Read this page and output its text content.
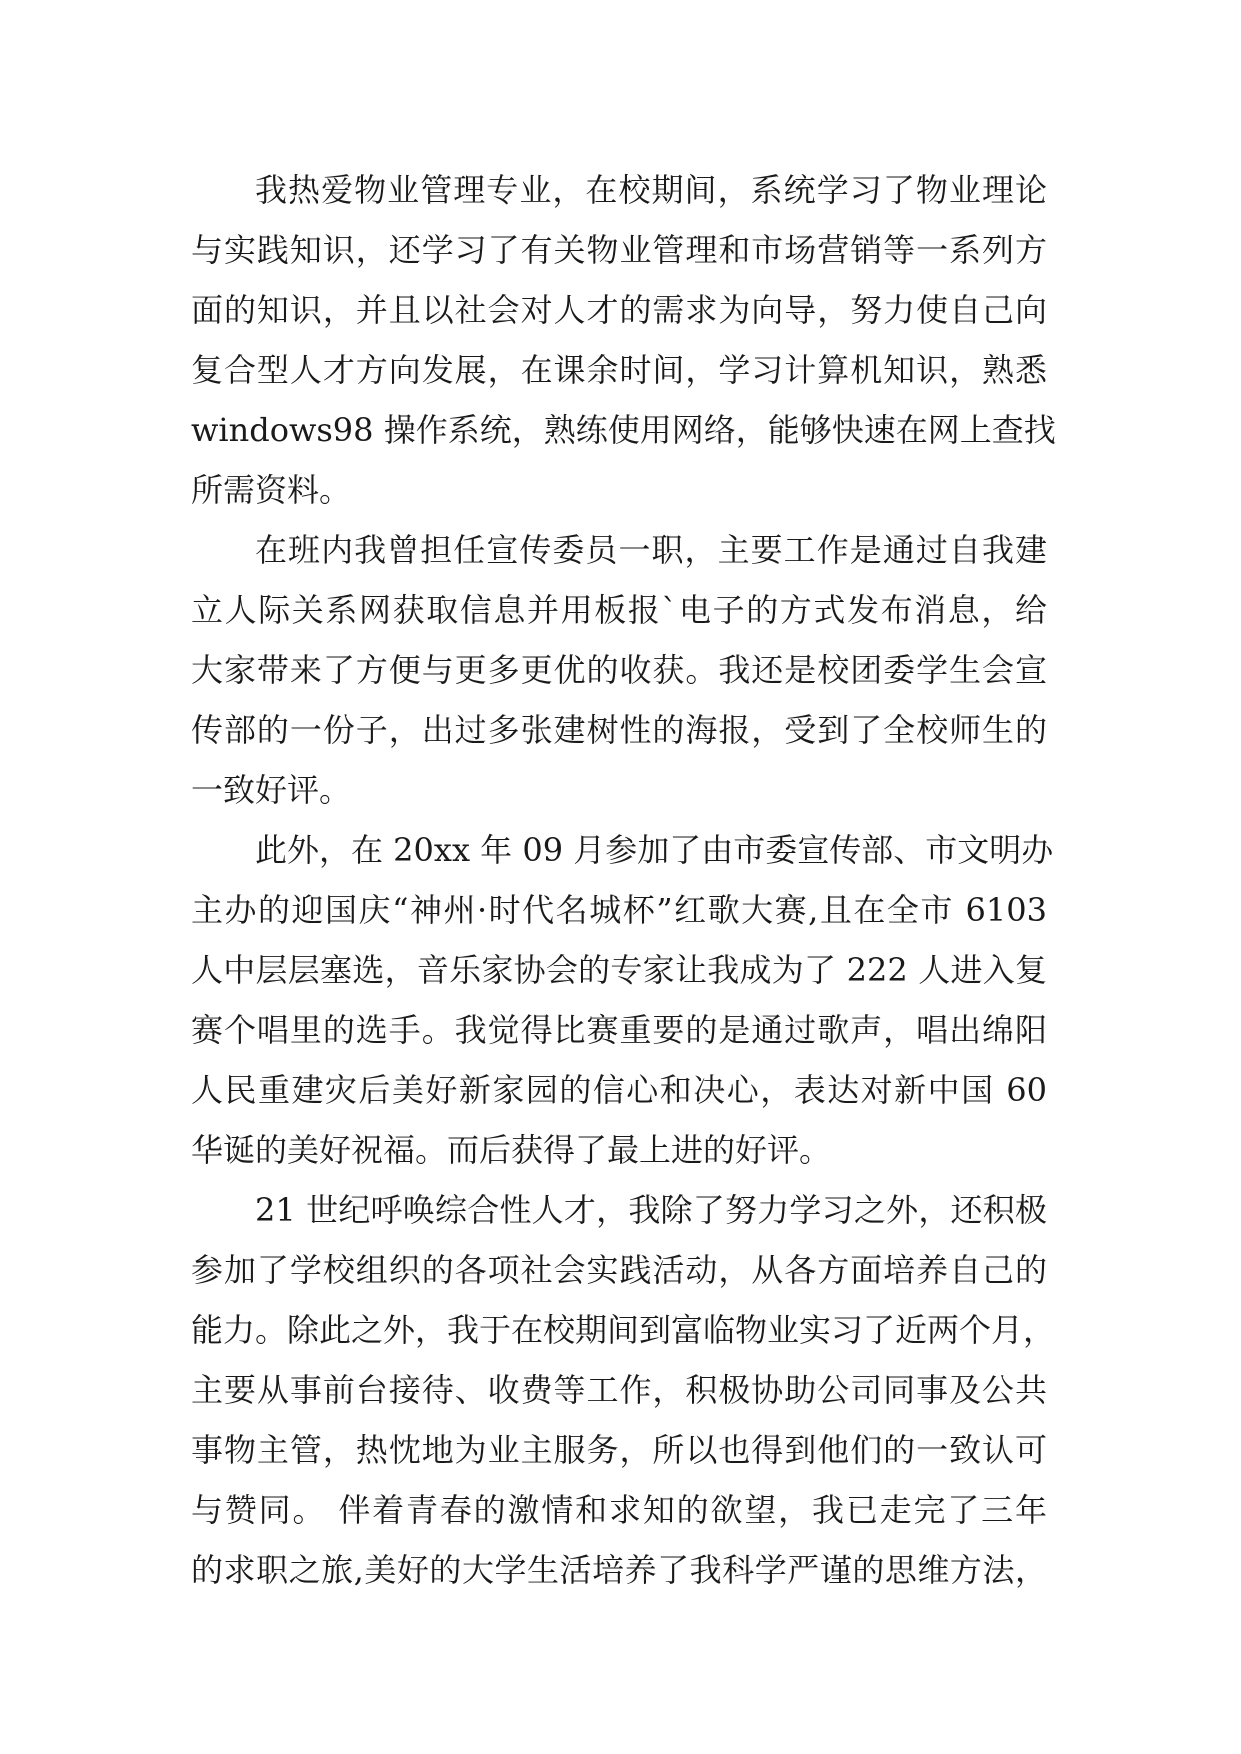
我热爱物业管理专业，在校期间，系统学习了物业理论
与实践知识，还学习了有关物业管理和市场营销等一系列方
面的知识，并且以社会对人才的需求为向导，努力使自己向
复合型人才方向发展，在课余时间，学习计算机知识，熟悉
windows98 操作系统，熟练使用网络，能够快速在网上查找
所需资料。
在班内我曾担任宣传委员一职，主要工作是通过自我建
立人际关系网获取信息并用板报`电子的方式发布消息，给
大家带来了方便与更多更优的收获。我还是校团委学生会宣
传部的一份子，出过多张建树性的海报，受到了全校师生的
一致好评。
此外，在 20xx 年 09 月参加了由市委宣传部、市文明办
主办的迎国庆“神州·时代名城杯”红歌大赛,且在全市 6103
人中层层塞选，音乐家协会的专家让我成为了 222 人进入复
赛个唱里的选手。我觉得比赛重要的是通过歌声，唱出绵阳
人民重建灾后美好新家园的信心和决心，表达对新中国 60
华诞的美好祝福。而后获得了最上进的好评。
21 世纪呼唤综合性人才，我除了努力学习之外，还积极
参加了学校组织的各项社会实践活动，从各方面培养自己的
能力。除此之外，我于在校期间到富临物业实习了近两个月，
主要从事前台接待、收费等工作，积极协助公司同事及公共
事物主管，热忱地为业主服务，所以也得到他们的一致认可
与赞同。 伴着青春的激情和求知的欲望，我已走完了三年
的求职之旅,美好的大学生活培养了我科学严谨的思维方法，
